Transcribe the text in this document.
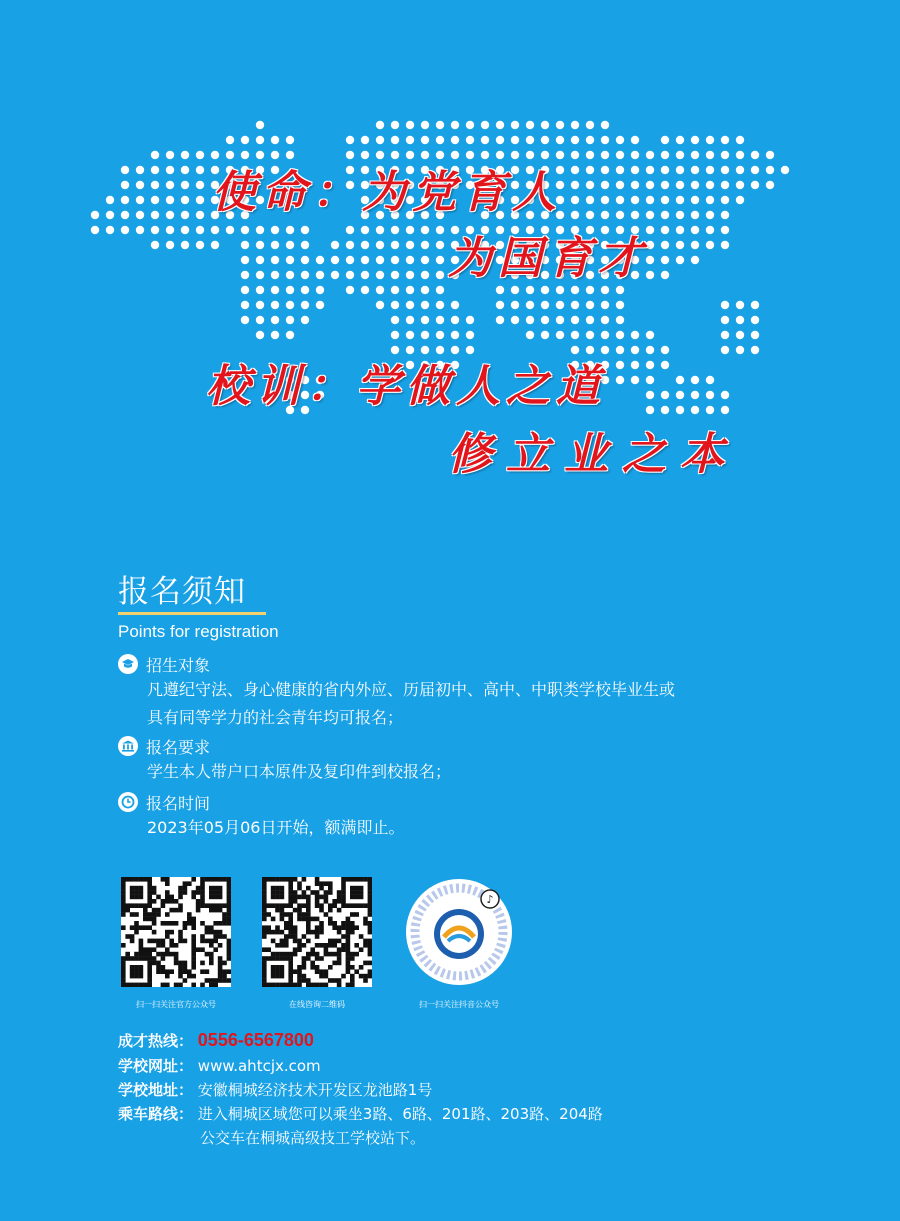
使命：为党育人
为国育才
校训：学做人之道
修立业之本
报名须知
Points for registration
招生对象
凡遵纪守法、身心健康的省内外应、历届初中、高中、中职类学校毕业生或
具有同等学力的社会青年均可报名；
报名要求
学生本人带户口本原件及复印件到校报名；
报名时间
2023年05月06日开始，额满即止。
扫一扫关注官方公众号	在线咨询二维码
♪
扫一扫关注抖音公众号
成才热线： 0556-6567800
学校网址： www.ahtcjx.com
学校地址： 安徽桐城经济技术开发区龙池路1号
乘车路线： 进入桐城区域您可以乘坐3路、6路、201路、203路、204路
公交车在桐城高级技工学校站下。
